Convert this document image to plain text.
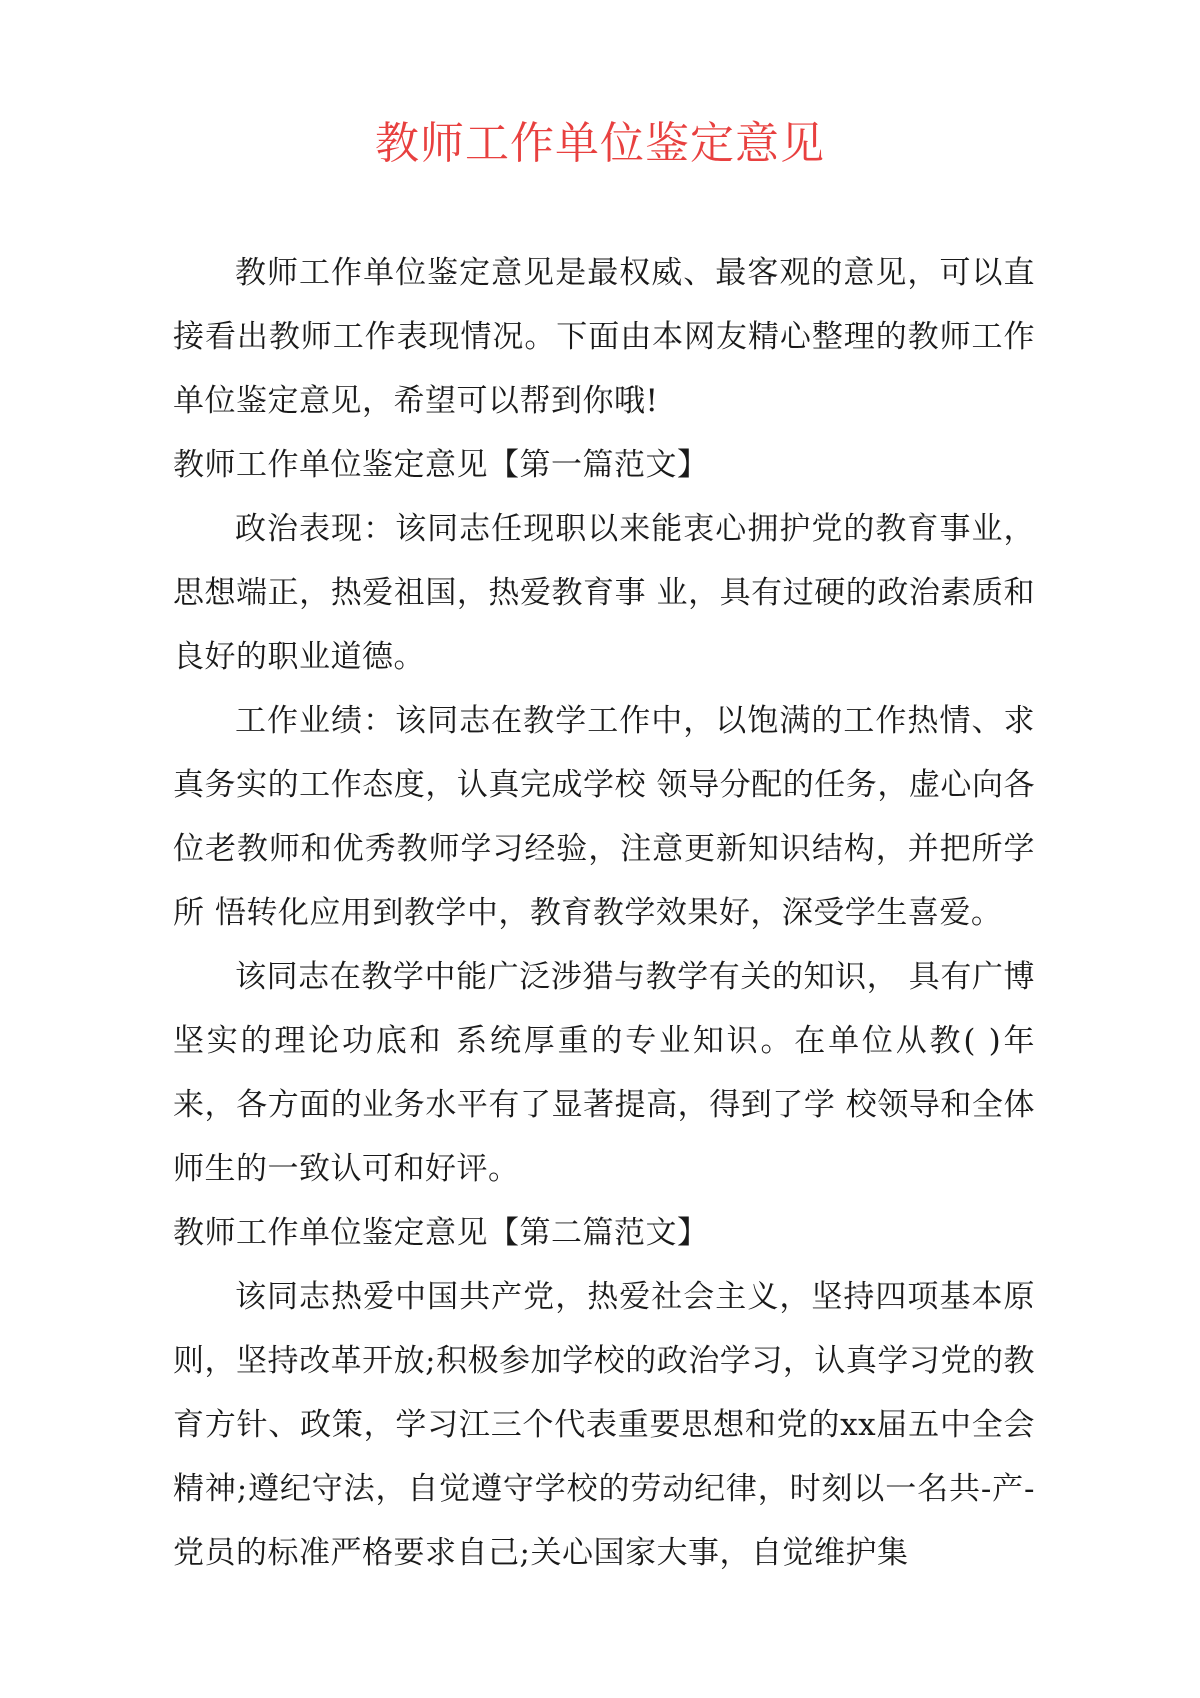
教师工作单位鉴定意见

教师工作单位鉴定意见是最权威、最客观的意见，可以直接看出教师工作表现情况。下面由本网友精心整理的教师工作单位鉴定意见，希望可以帮到你哦!

教师工作单位鉴定意见【第一篇范文】

政治表现：该同志任现职以来能衷心拥护党的教育事业，思想端正，热爱祖国，热爱教育事 业，具有过硬的政治素质和良好的职业道德。

工作业绩：该同志在教学工作中，以饱满的工作热情、求真务实的工作态度，认真完成学校 领导分配的任务，虚心向各位老教师和优秀教师学习经验，注意更新知识结构，并把所学所 悟转化应用到教学中，教育教学效果好，深受学生喜爱。

该同志在教学中能广泛涉猎与教学有关的知识， 具有广博坚实的理论功底和 系统厚重的专业知识。在单位从教( )年来，各方面的业务水平有了显著提高，得到了学 校领导和全体师生的一致认可和好评。

教师工作单位鉴定意见【第二篇范文】

该同志热爱中国共产党，热爱社会主义，坚持四项基本原则，坚持改革开放;积极参加学校的政治学习，认真学习党的教育方针、政策，学习江三个代表重要思想和党的xx届五中全会精神;遵纪守法，自觉遵守学校的劳动纪律，时刻以一名共-产-党员的标准严格要求自己;关心国家大事，自觉维护集
